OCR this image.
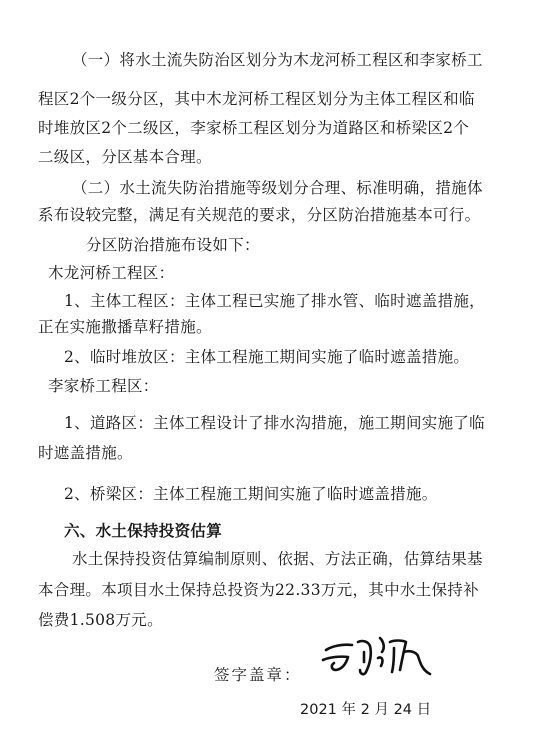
（一）将水土流失防治区划分为木龙河桥工程区和李家桥工
程区2个一级分区，其中木龙河桥工程区划分为主体工程区和临
时堆放区2个二级区，李家桥工程区划分为道路区和桥梁区2个
二级区，分区基本合理。
（二）水土流失防治措施等级划分合理、标准明确，措施体
系布设较完整，满足有关规范的要求，分区防治措施基本可行。
分区防治措施布设如下：
木龙河桥工程区：
1、主体工程区：主体工程已实施了排水管、临时遮盖措施，
正在实施撒播草籽措施。
2、临时堆放区：主体工程施工期间实施了临时遮盖措施。
李家桥工程区：
1、道路区：主体工程设计了排水沟措施，施工期间实施了临
时遮盖措施。
2、桥梁区：主体工程施工期间实施了临时遮盖措施。
六、水土保持投资估算
水土保持投资估算编制原则、依据、方法正确，估算结果基
本合理。本项目水土保持总投资为22.33万元，其中水土保持补
偿费1.508万元。
签字盖章：
2021 年 2 月 24 日
